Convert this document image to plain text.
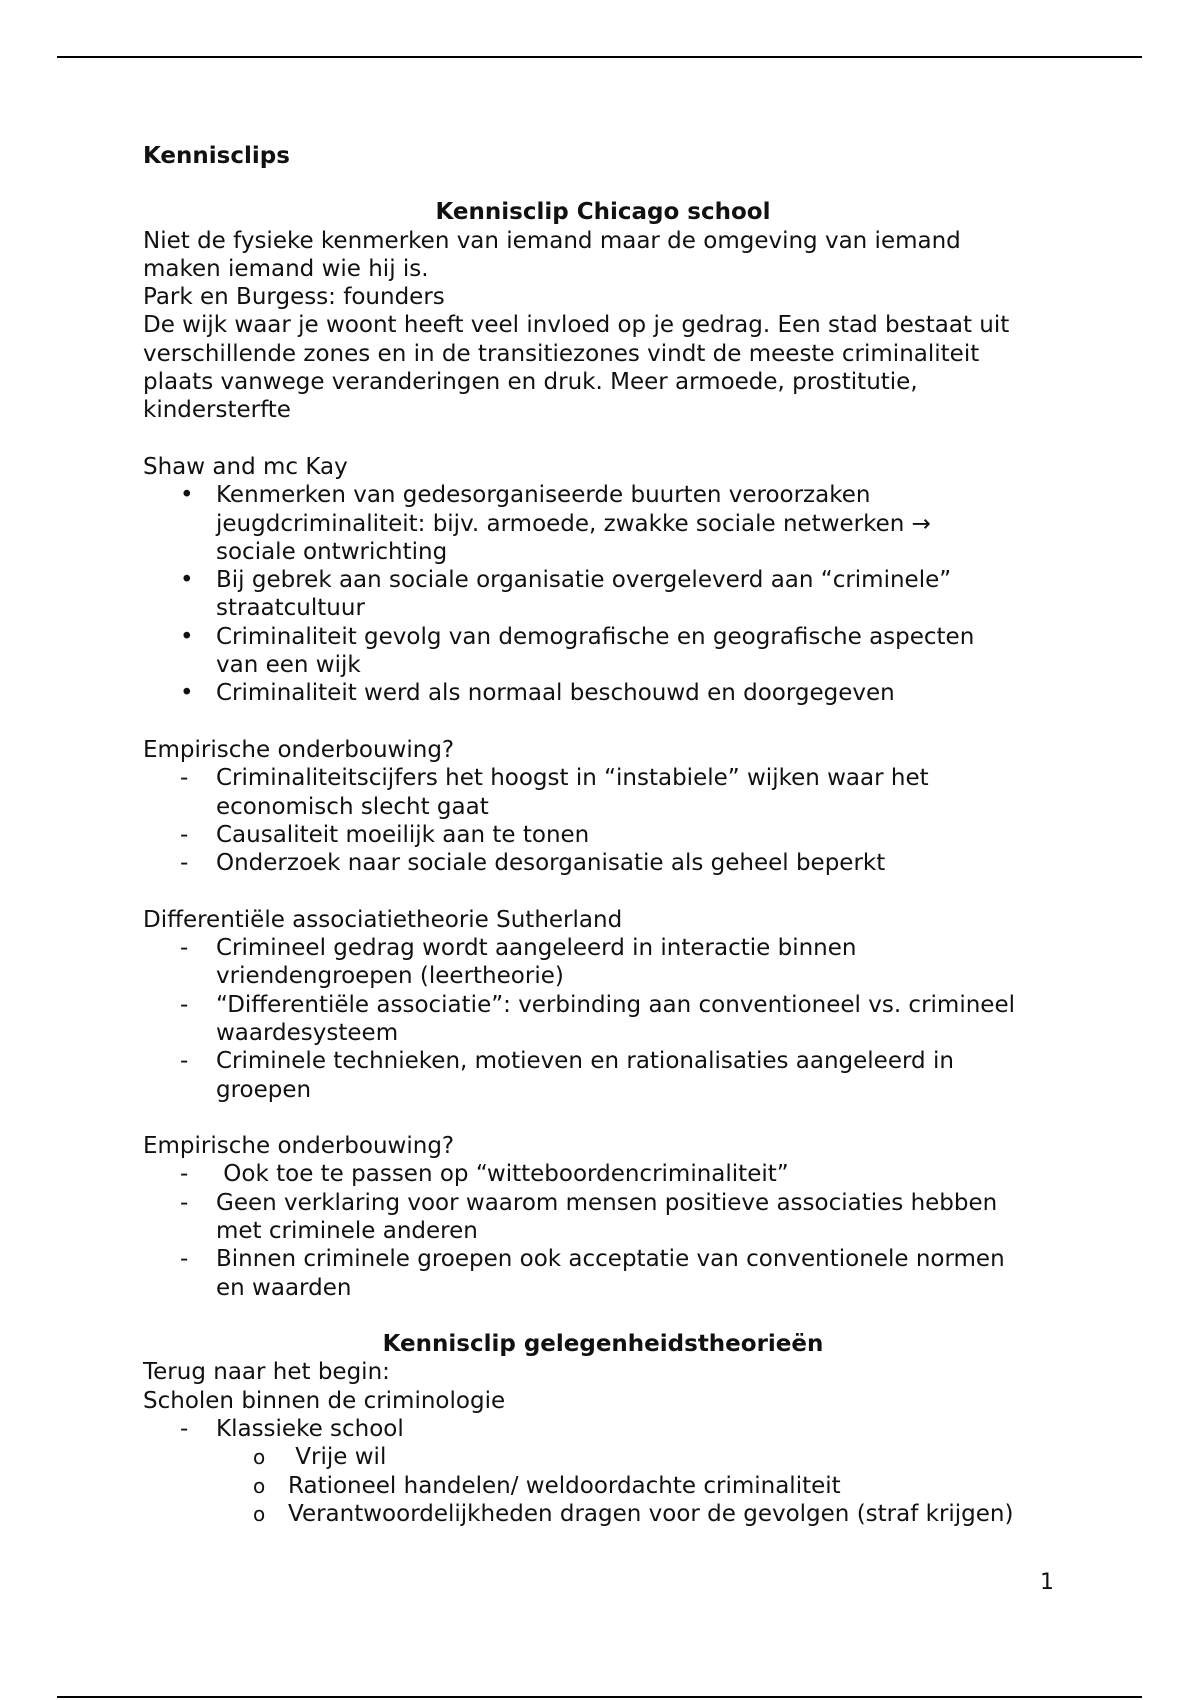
Kennisclips

Kennisclip Chicago school

Niet de fysieke kenmerken van iemand maar de omgeving van iemand

maken iemand wie hij is.

Park en Burgess: founders

De wijk waar je woont heeft veel invloed op je gedrag. Een stad bestaat uit

verschillende zones en in de transitiezones vindt de meeste criminaliteit

plaats vanwege veranderingen en druk. Meer armoede, prostitutie,

kindersterfte

Shaw and mc Kay

• Kenmerken van gedesorganiseerde buurten veroorzaken
jeugdcriminaliteit: bijv. armoede, zwakke sociale netwerken →
sociale ontwrichting
• Bij gebrek aan sociale organisatie overgeleverd aan “criminele”
straatcultuur
• Criminaliteit gevolg van demografische en geografische aspecten
van een wijk
• Criminaliteit werd als normaal beschouwd en doorgegeven

Empirische onderbouwing?

- Criminaliteitscijfers het hoogst in “instabiele” wijken waar het
economisch slecht gaat
- Causaliteit moeilijk aan te tonen
- Onderzoek naar sociale desorganisatie als geheel beperkt

Differentiële associatietheorie Sutherland

- Crimineel gedrag wordt aangeleerd in interactie binnen
vriendengroepen (leertheorie)
- “Differentiële associatie”: verbinding aan conventioneel vs. crimineel
waardesysteem
- Criminele technieken, motieven en rationalisaties aangeleerd in
groepen

Empirische onderbouwing?

- Ook toe te passen op “witteboordencriminaliteit”
- Geen verklaring voor waarom mensen positieve associaties hebben
met criminele anderen
- Binnen criminele groepen ook acceptatie van conventionele normen
en waarden

Kennisclip gelegenheidstheorieën

Terug naar het begin:

Scholen binnen de criminologie

- Klassieke school
o Vrije wil
o Rationeel handelen/ weldoordachte criminaliteit
o Verantwoordelijkheden dragen voor de gevolgen (straf krijgen)
1
